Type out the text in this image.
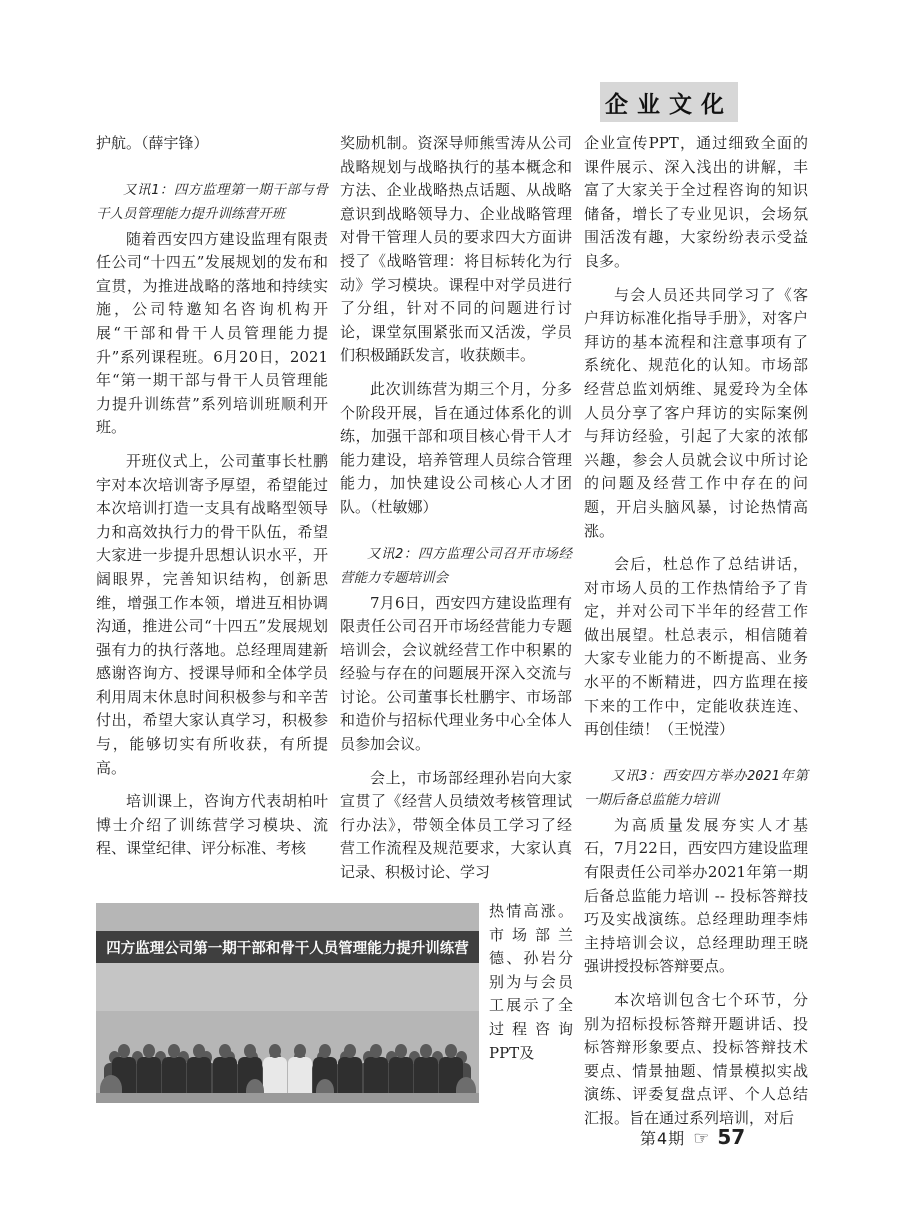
企业文化

护航。（薛宇锋）

又讯1：四方监理第一期干部与骨干人员管理能力提升训练营开班

随着西安四方建设监理有限责任公司“十四五”发展规划的发布和宣贯，为推进战略的落地和持续实施，公司特邀知名咨询机构开展“干部和骨干人员管理能力提升”系列课程班。6月20日，2021年“第一期干部与骨干人员管理能力提升训练营”系列培训班顺利开班。

开班仪式上，公司董事长杜鹏宇对本次培训寄予厚望，希望能过本次培训打造一支具有战略型领导力和高效执行力的骨干队伍，希望大家进一步提升思想认识水平，开阔眼界，完善知识结构，创新思维，增强工作本领，增进互相协调沟通，推进公司“十四五”发展规划强有力的执行落地。总经理周建新感谢咨询方、授课导师和全体学员利用周末休息时间积极参与和辛苦付出，希望大家认真学习，积极参与，能够切实有所收获，有所提高。

培训课上，咨询方代表胡柏叶博士介绍了训练营学习模块、流程、课堂纪律、评分标准、考核

奖励机制。资深导师熊雪涛从公司战略规划与战略执行的基本概念和方法、企业战略热点话题、从战略意识到战略领导力、企业战略管理对骨干管理人员的要求四大方面讲授了《战略管理：将目标转化为行动》学习模块。课程中对学员进行了分组，针对不同的问题进行讨论，课堂氛围紧张而又活泼，学员们积极踊跃发言，收获颇丰。

此次训练营为期三个月，分多个阶段开展，旨在通过体系化的训练，加强干部和项目核心骨干人才能力建设，培养管理人员综合管理能力，加快建设公司核心人才团队。（杜敏娜）

又讯2：四方监理公司召开市场经营能力专题培训会

7月6日，西安四方建设监理有限责任公司召开市场经营能力专题培训会，会议就经营工作中积累的经验与存在的问题展开深入交流与讨论。公司董事长杜鹏宇、市场部和造价与招标代理业务中心全体人员参加会议。

会上，市场部经理孙岩向大家宣贯了《经营人员绩效考核管理试行办法》，带领全体员工学习了经营工作流程及规范要求，大家认真记录、积极讨论、学习

热情高涨。市场部兰德、孙岩分别为与会员工展示了全过程咨询PPT及

企业宣传PPT，通过细致全面的课件展示、深入浅出的讲解，丰富了大家关于全过程咨询的知识储备，增长了专业见识，会场氛围活泼有趣，大家纷纷表示受益良多。

与会人员还共同学习了《客户拜访标准化指导手册》，对客户拜访的基本流程和注意事项有了系统化、规范化的认知。市场部经营总监刘炳维、晁爱玲为全体人员分享了客户拜访的实际案例与拜访经验，引起了大家的浓郁兴趣，参会人员就会议中所讨论的问题及经营工作中存在的问题，开启头脑风暴，讨论热情高涨。

会后，杜总作了总结讲话，对市场人员的工作热情给予了肯定，并对公司下半年的经营工作做出展望。杜总表示，相信随着大家专业能力的不断提高、业务水平的不断精进，四方监理在接下来的工作中，定能收获连连、再创佳绩！（王悦滢）

又讯3：西安四方举办2021年第一期后备总监能力培训

为高质量发展夯实人才基石，7月22日，西安四方建设监理有限责任公司举办2021年第一期后备总监能力培训 -- 投标答辩技巧及实战演练。总经理助理李炜主持培训会议，总经理助理王晓强讲授投标答辩要点。

本次培训包含七个环节，分别为招标投标答辩开题讲话、投标答辩形象要点、投标答辩技术要点、情景抽题、情景模拟实战演练、评委复盘点评、个人总结汇报。旨在通过系列培训，对后

四方监理公司第一期干部和骨干人员管理能力提升训练营
第4期 ☞ 57
